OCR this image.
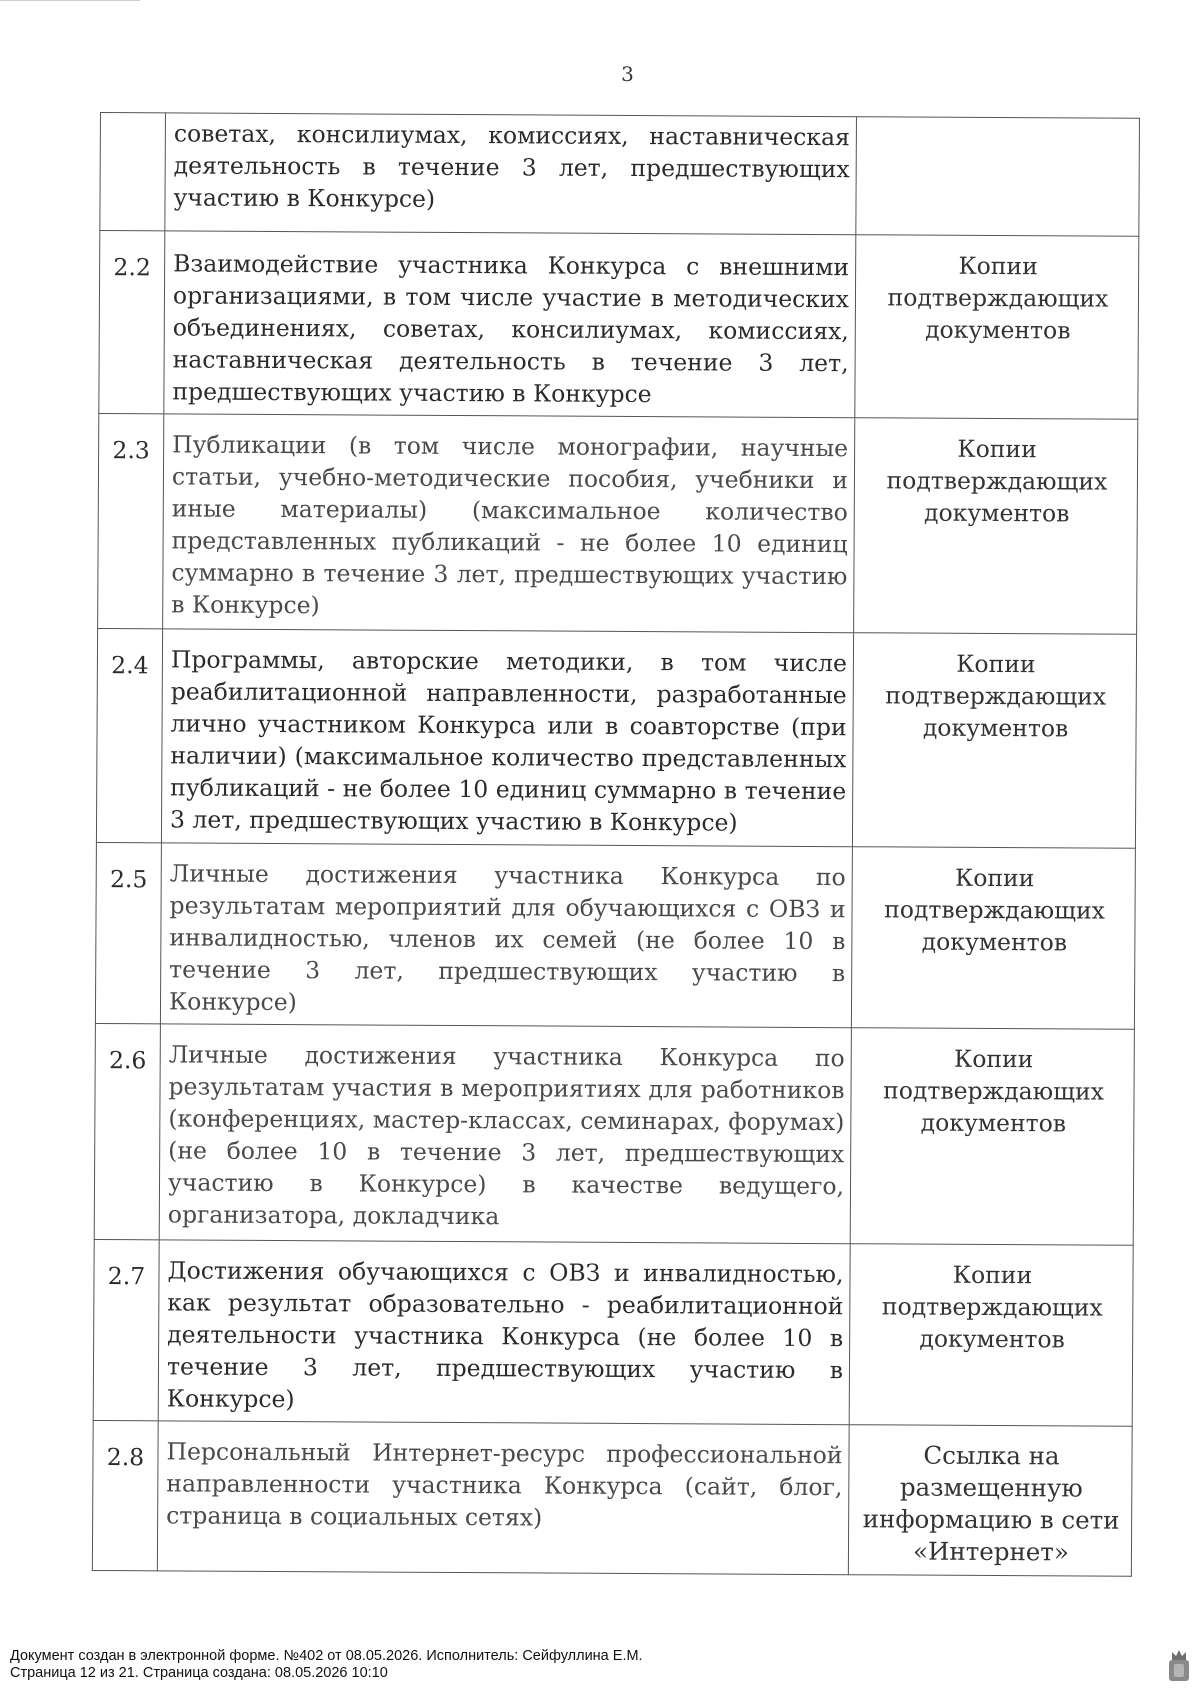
3
	советах, консилиумах, комиссиях, наставническая деятельность в течение 3 лет, предшествующих участию в Конкурсе)	
2.2	Взаимодействие участника Конкурса с внешними организациями, в том числе участие в методических объединениях, советах, консилиумах, комиссиях, наставническая деятельность в течение 3 лет, предшествующих участию в Конкурсе	Копии подтверждающих документов
2.3	Публикации (в том числе монографии, научные статьи, учебно-методические пособия, учебники и иные материалы) (максимальное количество представленных публикаций - не более 10 единиц суммарно в течение 3 лет, предшествующих участию в Конкурсе)	Копии подтверждающих документов
2.4	Программы, авторские методики, в том числе реабилитационной направленности, разработанные лично участником Конкурса или в соавторстве (при наличии) (максимальное количество представленных публикаций - не более 10 единиц суммарно в течение 3 лет, предшествующих участию в Конкурсе)	Копии подтверждающих документов
2.5	Личные достижения участника Конкурса по результатам мероприятий для обучающихся с ОВЗ и инвалидностью, членов их семей (не более 10 в течение 3 лет, предшествующих участию в Конкурсе)	Копии подтверждающих документов
2.6	Личные достижения участника Конкурса по результатам участия в мероприятиях для работников (конференциях, мастер-классах, семинарах, форумах) (не более 10 в течение 3 лет, предшествующих участию в Конкурсе) в качестве ведущего, организатора, докладчика	Копии подтверждающих документов
2.7	Достижения обучающихся с ОВЗ и инвалидностью, как результат образовательно - реабилитационной деятельности участника Конкурса (не более 10 в течение 3 лет, предшествующих участию в Конкурсе)	Копии подтверждающих документов
2.8	Персональный Интернет-ресурс профессиональной направленности участника Конкурса (сайт, блог, страница в социальных сетях)	Ссылка на размещенную информацию в сети «Интернет»
Документ создан в электронной форме. №402 от 08.05.2026. Исполнитель: Сейфуллина Е.М.
Страница 12 из 21. Страница создана: 08.05.2026 10:10
